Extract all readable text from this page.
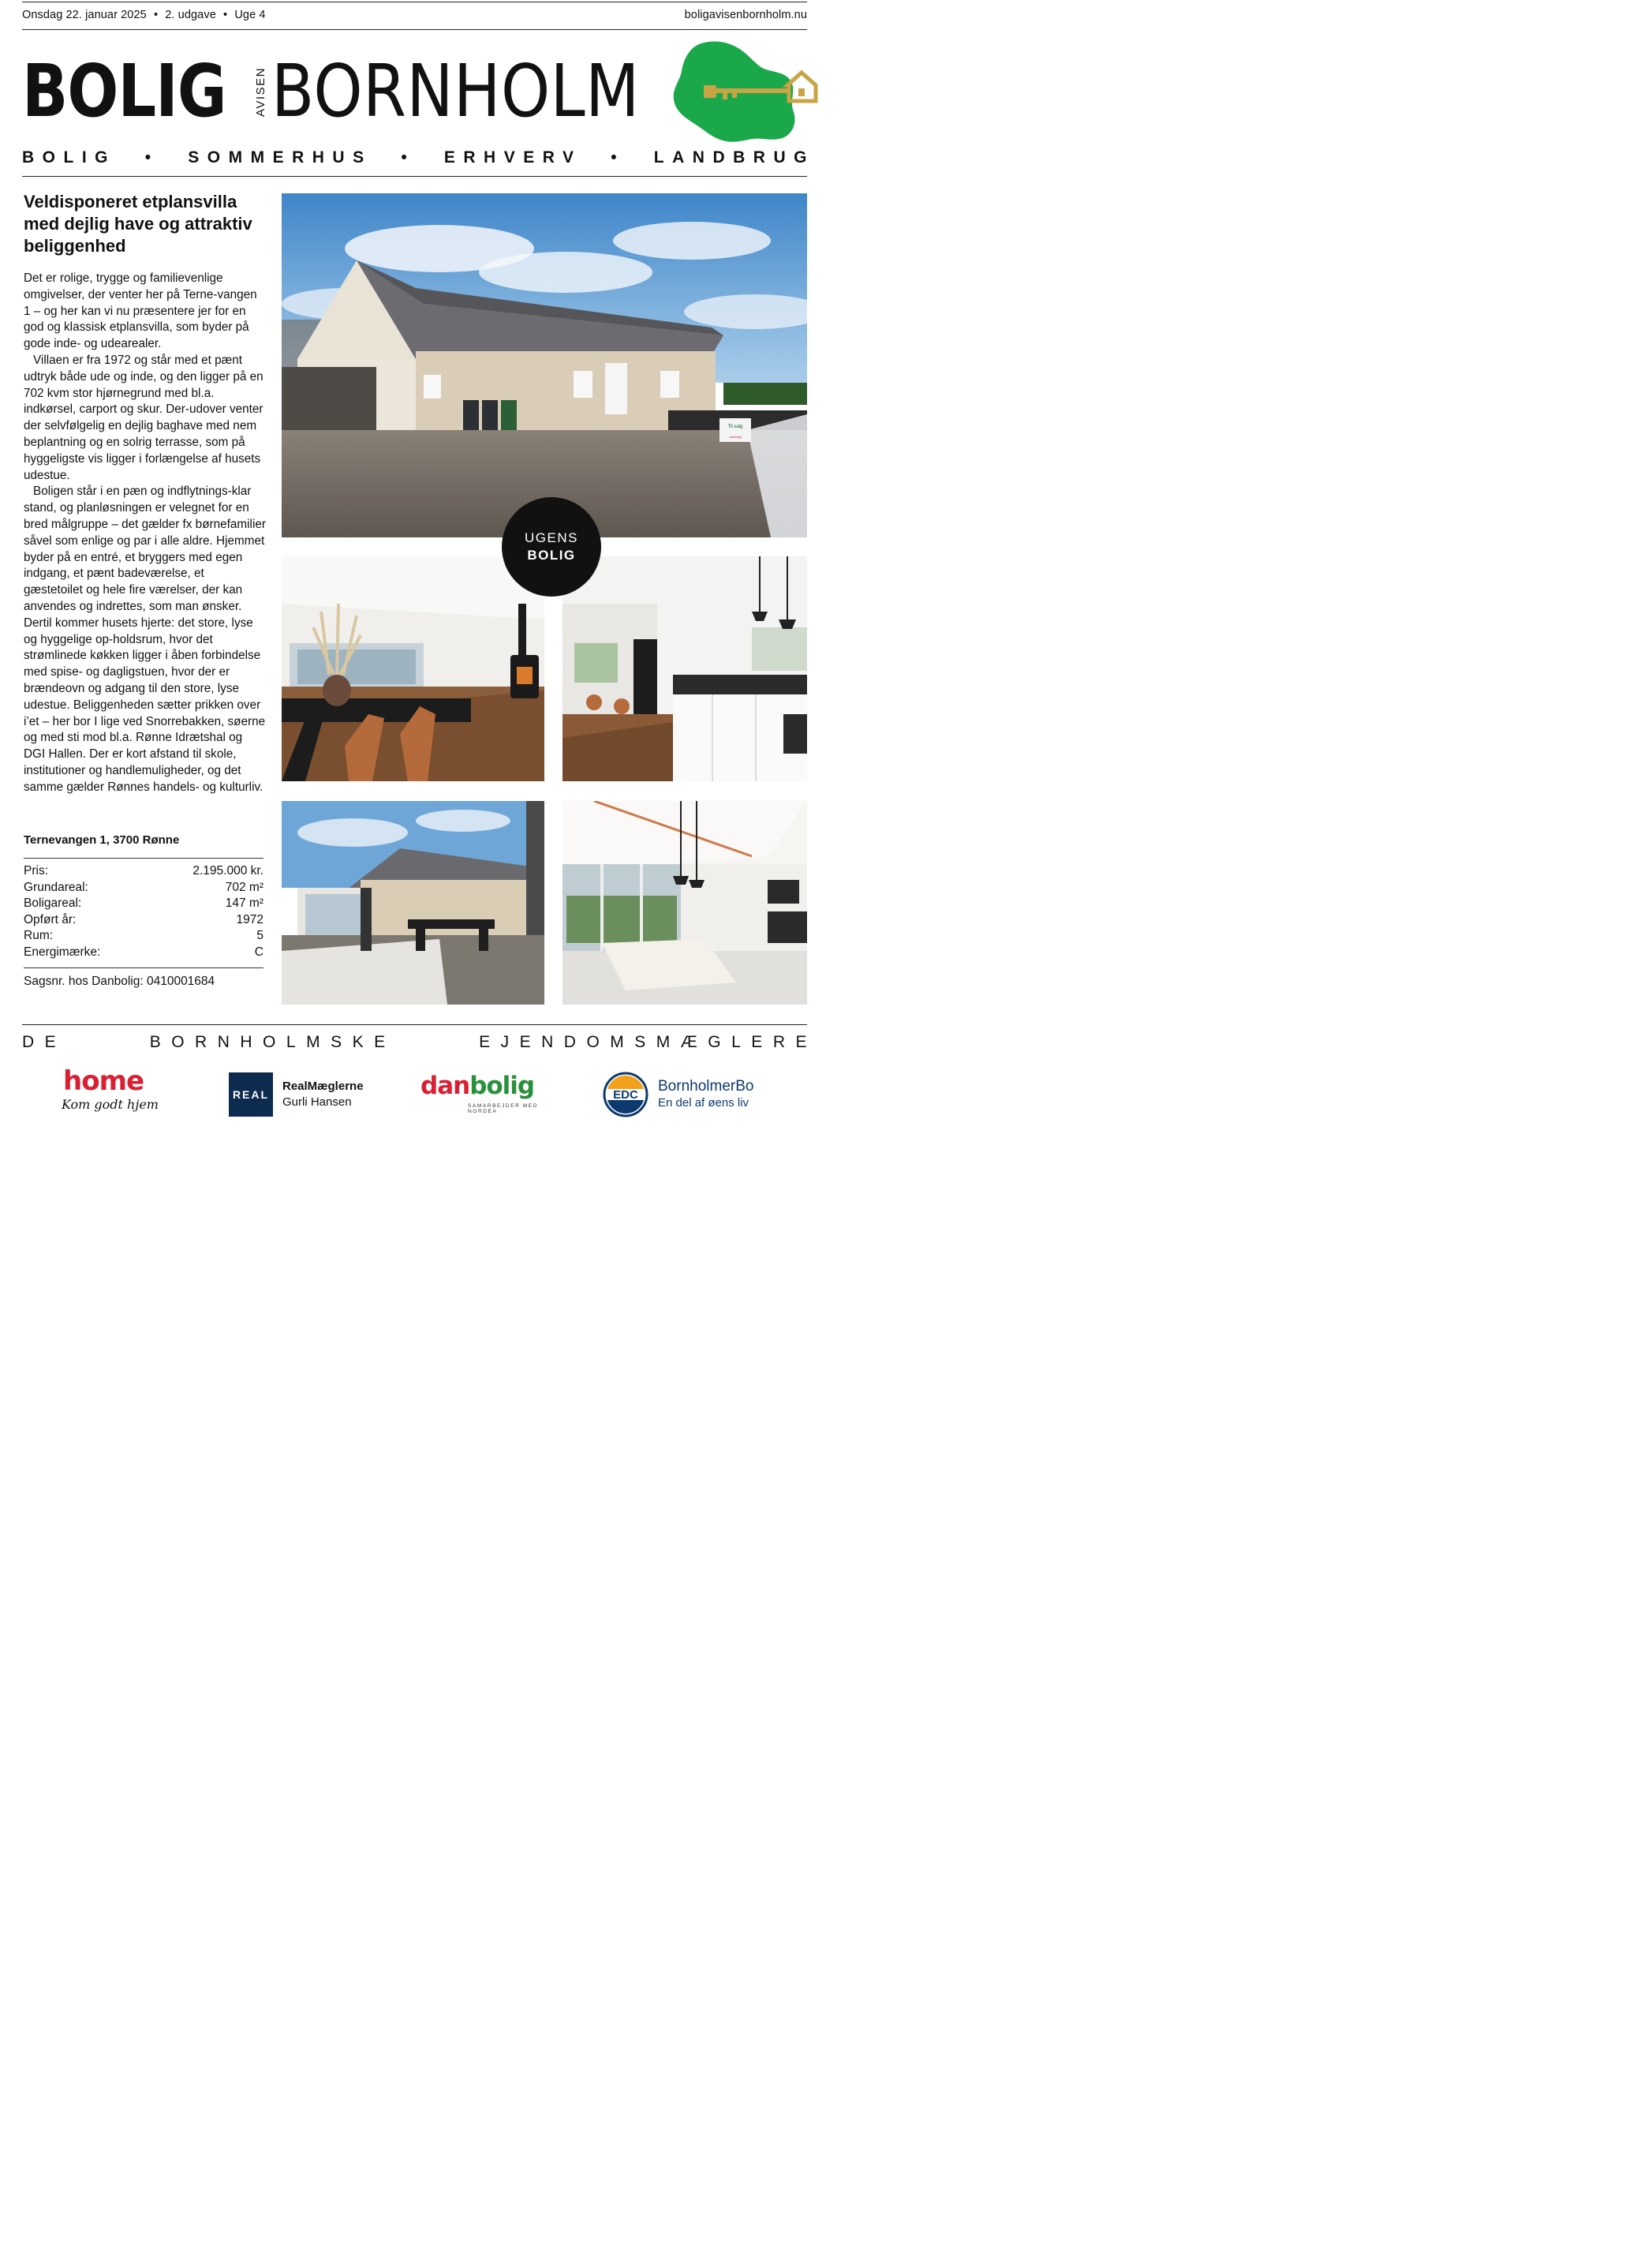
Onsdag 22. januar 2025 • 2. udgave • Uge 4	boligavisenbornholm.nu
BOLIG AVISEN BORNHOLM
BOLIG • SOMMERHUS • ERHVERV • LANDBRUG
Veldisponeret etplansvilla med dejlig have og attraktiv beliggenhed

Det er rolige, trygge og familievenlige omgivelser, der venter her på Terne-vangen 1 – og her kan vi nu præsentere jer for en god og klassisk etplansvilla, som byder på gode inde- og udearealer.

Villaen er fra 1972 og står med et pænt udtryk både ude og inde, og den ligger på en 702 kvm stor hjørnegrund med bl.a. indkørsel, carport og skur. Der-udover venter der selvfølgelig en dejlig baghave med nem beplantning og en solrig terrasse, som på hyggeligste vis ligger i forlængelse af husets udestue.

Boligen står i en pæn og indflytnings-klar stand, og planløsningen er velegnet for en bred målgruppe – det gælder fx børnefamilier såvel som enlige og par i alle aldre. Hjemmet byder på en entré, et bryggers med egen indgang, et pænt badeværelse, et gæstetoilet og hele fire værelser, der kan anvendes og indrettes, som man ønsker. Dertil kommer husets hjerte: det store, lyse og hyggelige op-holdsrum, hvor det strømlinede køkken ligger i åben forbindelse med spise- og dagligstuen, hvor der er brændeovn og adgang til den store, lyse udestue. Beliggenheden sætter prikken over i’et – her bor I lige ved Snorrebakken, søerne og med sti mod bl.a. Rønne Idrætshal og DGI Hallen. Der er kort afstand til skole, institutioner og handlemuligheder, og det samme gælder Rønnes handels- og kulturliv.

Ternevangen 1, 3700 Rønne
Pris:	2.195.000 kr.
Grundareal:	702 m²
Boligareal:	147 m²
Opført år:	1972
Rum:	5
Energimærke:	C
Sagsnr. hos Danbolig: 0410001684
Til salg
danbolig
UGENS
BOLIG
DE	BORNHOLMSKE	EJENDOMSMÆGLERE
home
Kom godt hjem
REAL
RealMæglerne
Gurli Hansen
danbolig
SAMARBEJDER MED NORDEA
EDC
BornholmerBo
En del af øens liv
